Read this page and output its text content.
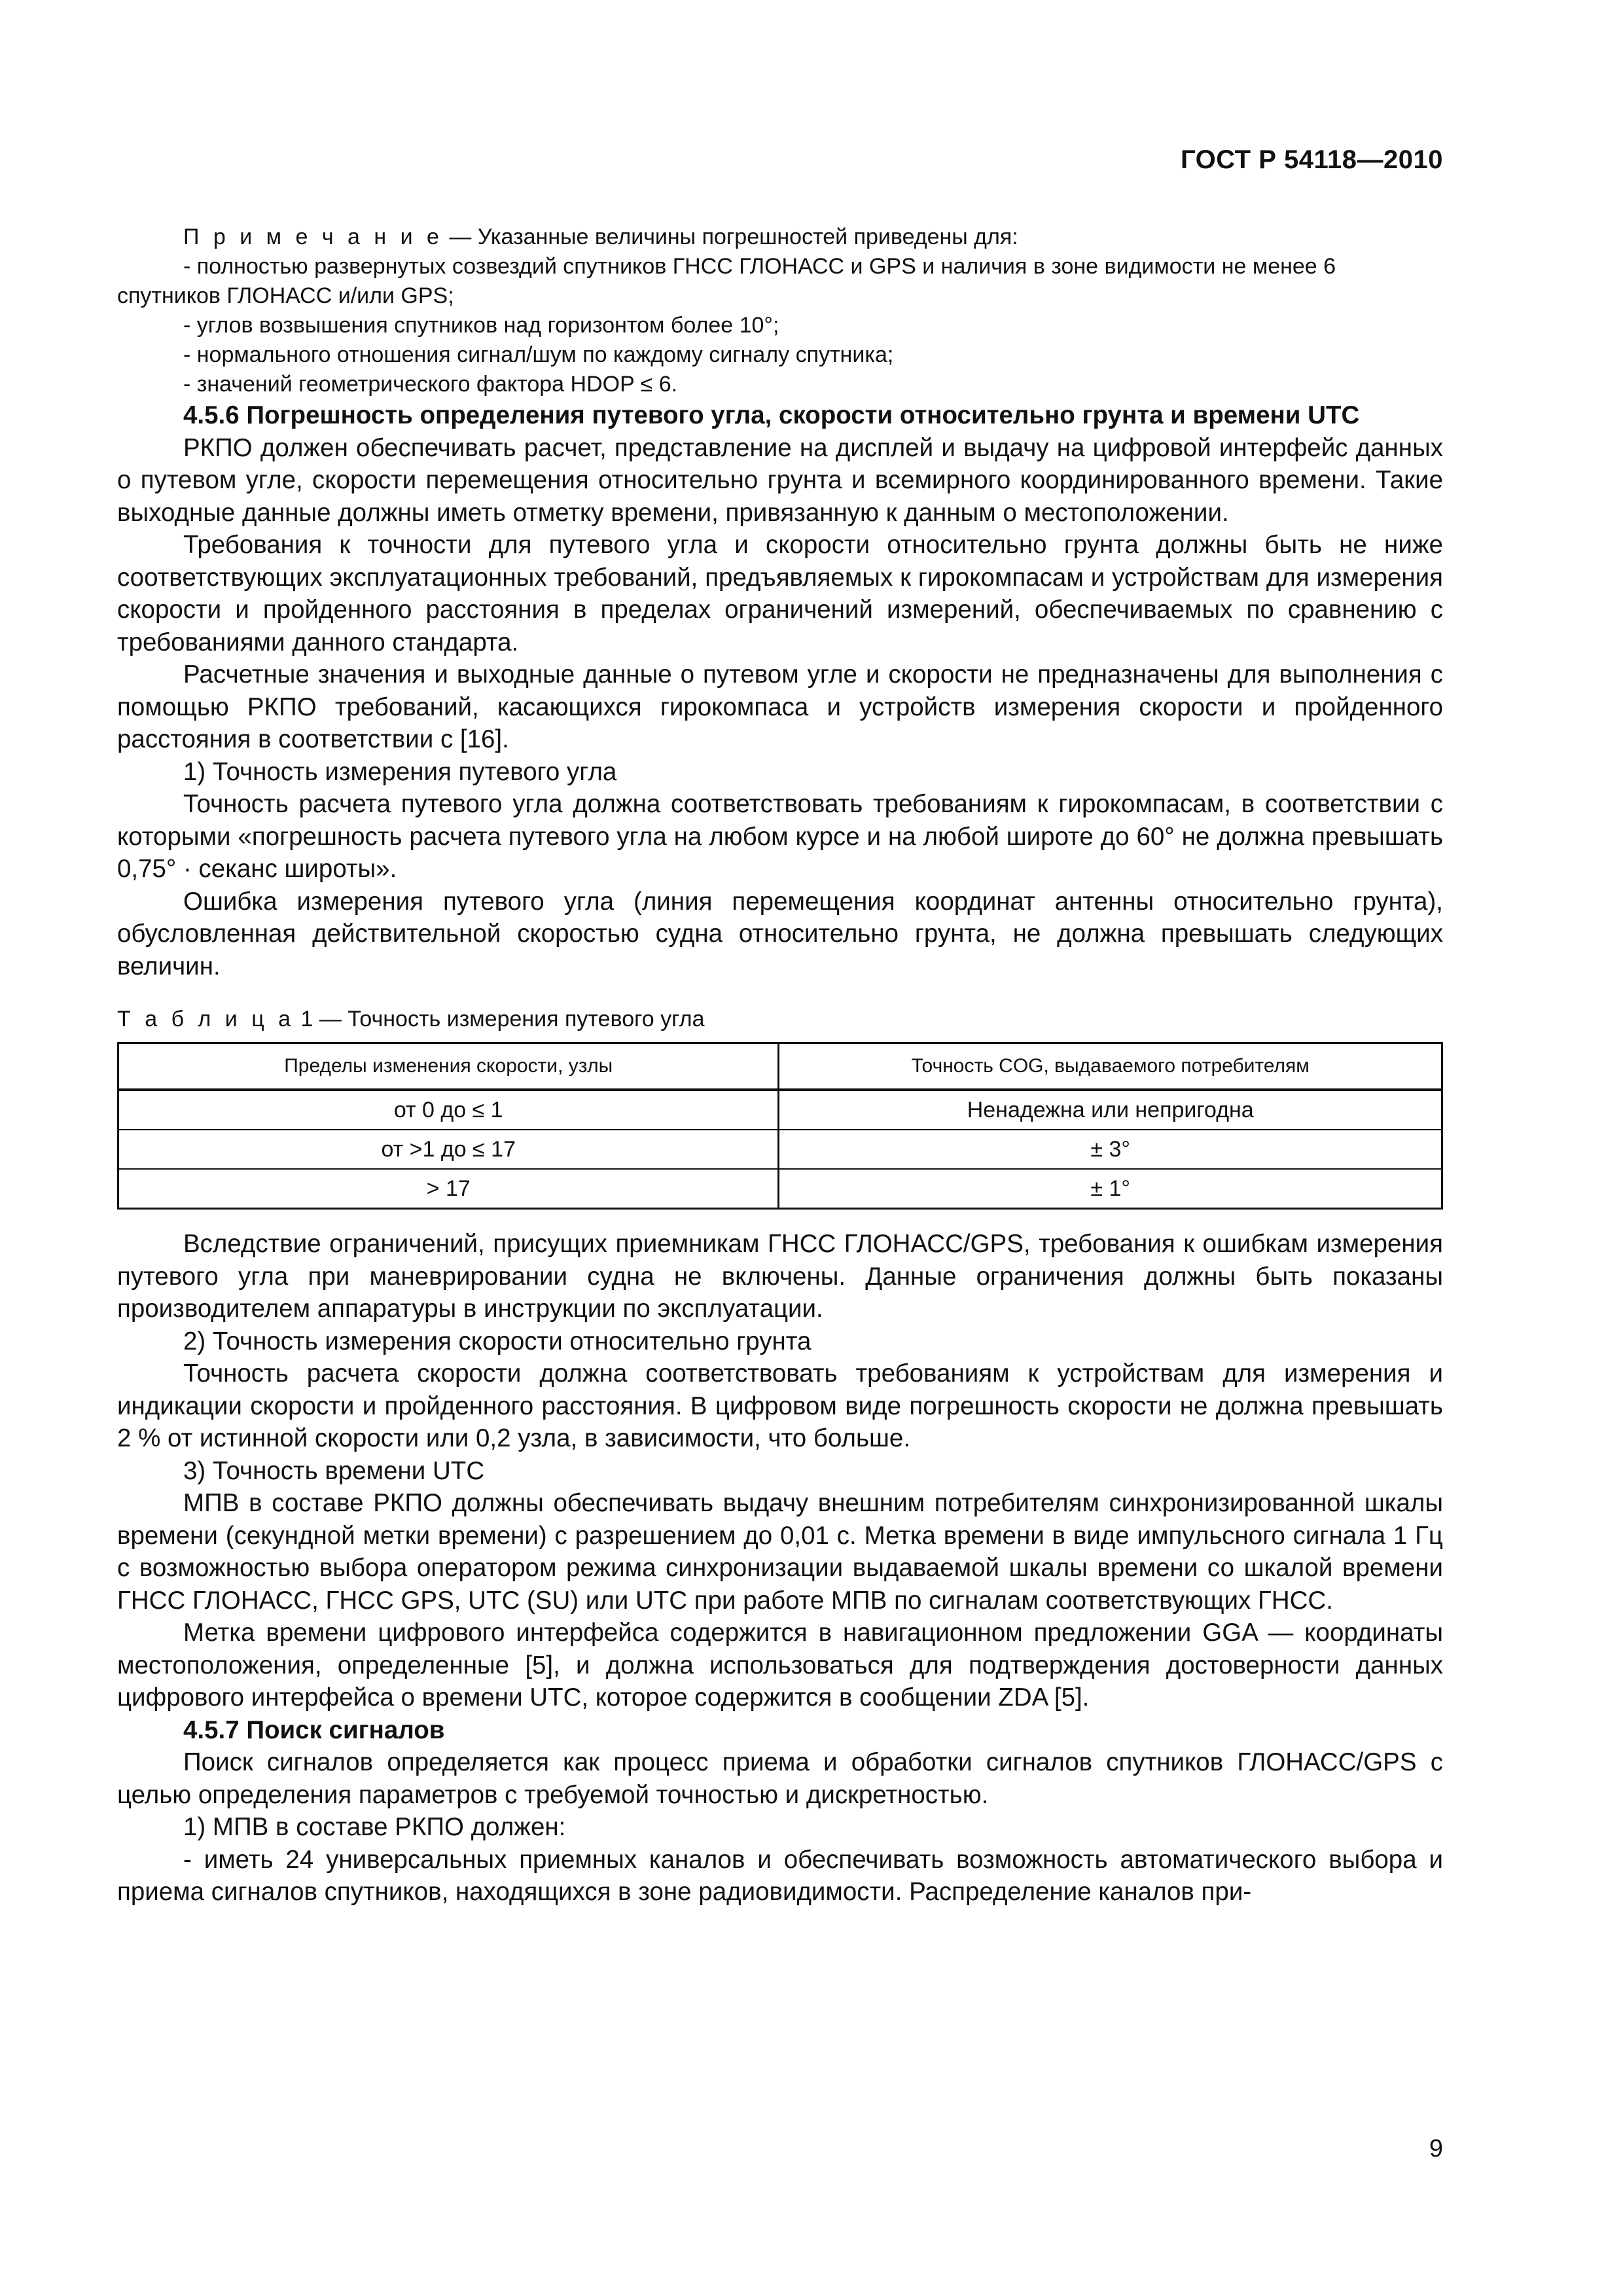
ГОСТ Р 54118—2010
П р и м е ч а н и е — Указанные величины погрешностей приведены для:
- полностью развернутых созвездий спутников ГНСС ГЛОНАСС и GPS и наличия в зоне видимости не менее 6 спутников ГЛОНАСС и/или GPS;
- углов возвышения спутников над горизонтом более 10°;
- нормального отношения сигнал/шум по каждому сигналу спутника;
- значений геометрического фактора HDOP ≤ 6.
4.5.6 Погрешность определения путевого угла, скорости относительно грунта и времени UTC

РКПО должен обеспечивать расчет, представление на дисплей и выдачу на цифровой интерфейс данных о путевом угле, скорости перемещения относительно грунта и всемирного координированного времени. Такие выходные данные должны иметь отметку времени, привязанную к данным о местоположении.

Требования к точности для путевого угла и скорости относительно грунта должны быть не ниже соответствующих эксплуатационных требований, предъявляемых к гирокомпасам и устройствам для измерения скорости и пройденного расстояния в пределах ограничений измерений, обеспечиваемых по сравнению с требованиями данного стандарта.

Расчетные значения и выходные данные о путевом угле и скорости не предназначены для выполнения с помощью РКПО требований, касающихся гирокомпаса и устройств измерения скорости и пройденного расстояния в соответствии с [16].

1) Точность измерения путевого угла

Точность расчета путевого угла должна соответствовать требованиям к гирокомпасам, в соответствии с которыми «погрешность расчета путевого угла на любом курсе и на любой широте до 60° не должна превышать 0,75° · секанс широты».

Ошибка измерения путевого угла (линия перемещения координат антенны относительно грунта), обусловленная действительной скоростью судна относительно грунта, не должна превышать следующих величин.

Т а б л и ц а 1 — Точность измерения путевого угла
Пределы изменения скорости, узлы	Точность COG, выдаваемого потребителям
от 0 до ≤ 1	Ненадежна или непригодна
от >1 до ≤ 17	± 3°
> 17	± 1°

Вследствие ограничений, присущих приемникам ГНСС ГЛОНАСС/GPS, требования к ошибкам измерения путевого угла при маневрировании судна не включены. Данные ограничения должны быть показаны производителем аппаратуры в инструкции по эксплуатации.

2) Точность измерения скорости относительно грунта

Точность расчета скорости должна соответствовать требованиям к устройствам для измерения и индикации скорости и пройденного расстояния. В цифровом виде погрешность скорости не должна превышать 2 % от истинной скорости или 0,2 узла, в зависимости, что больше.

3) Точность времени UTC

МПВ в составе РКПО должны обеспечивать выдачу внешним потребителям синхронизированной шкалы времени (секундной метки времени) с разрешением до 0,01 с. Метка времени в виде импульсного сигнала 1 Гц с возможностью выбора оператором режима синхронизации выдаваемой шкалы времени со шкалой времени ГНСС ГЛОНАСС, ГНСС GPS, UTC (SU) или UTC при работе МПВ по сигналам соответствующих ГНСС.

Метка времени цифрового интерфейса содержится в навигационном предложении GGA — координаты местоположения, определенные [5], и должна использоваться для подтверждения достоверности данных цифрового интерфейса о времени UTC, которое содержится в сообщении ZDA [5].

4.5.7 Поиск сигналов

Поиск сигналов определяется как процесс приема и обработки сигналов спутников ГЛОНАСС/GPS с целью определения параметров с требуемой точностью и дискретностью.

1) МПВ в составе РКПО должен:

- иметь 24 универсальных приемных каналов и обеспечивать возможность автоматического выбора и приема сигналов спутников, находящихся в зоне радиовидимости. Распределение каналов при-

9
